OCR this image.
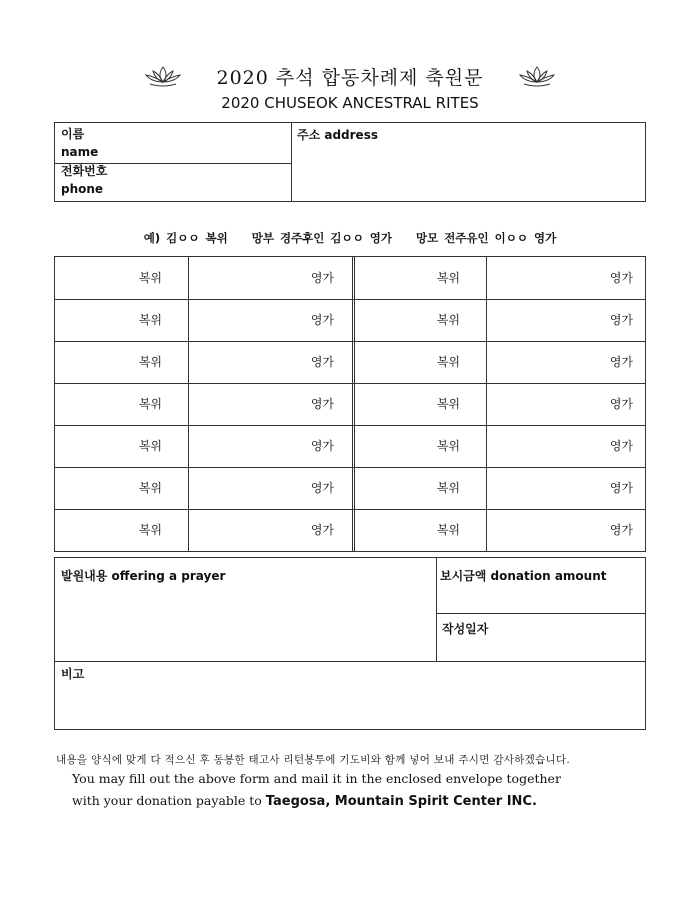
2020 추석 합동차례제 축원문
2020 CHUSEOK ANCESTRAL RITES
이름
name
전화번호
phone
주소 address
예) 김ㅇㅇ 복위 망부 경주후인 김ㅇㅇ 영가 망모 전주유인 이ㅇㅇ 영가
복위	영가	복위	영가
복위	영가	복위	영가
복위	영가	복위	영가
복위	영가	복위	영가
복위	영가	복위	영가
복위	영가	복위	영가
복위	영가	복위	영가
발원내용 offering a prayer	보시금액 donation amount
작성일자
비고
내용을 양식에 맞게 다 적으신 후 동봉한 태고사 리턴봉투에 기도비와 함께 넣어 보내 주시면 감사하겠습니다.
You may fill out the above form and mail it in the enclosed envelope together
with your donation payable to Taegosa, Mountain Spirit Center INC.
